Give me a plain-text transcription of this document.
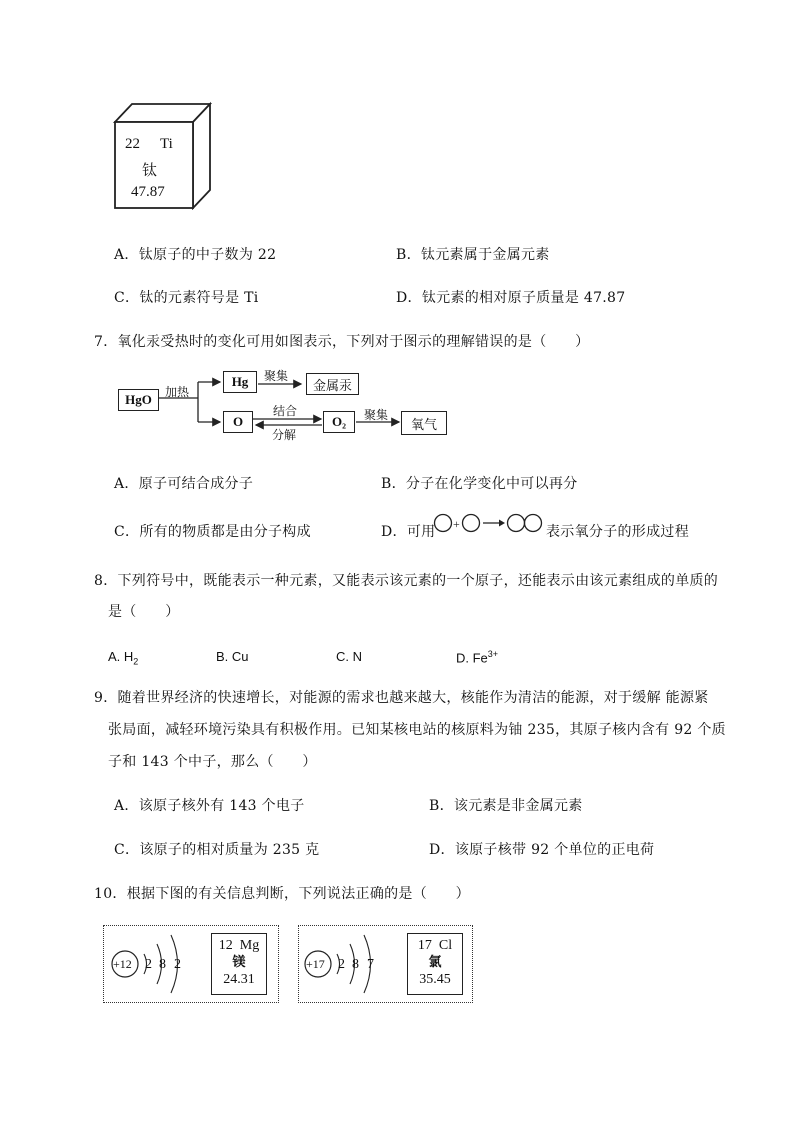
22 Ti
钛
47.87
A．钛原子的中子数为 22	B．钛元素属于金属元素
C．钛的元素符号是 Ti	D．钛元素的相对原子质量是 47.87
7．氧化汞受热时的变化可用如图表示，下列对于图示的理解错误的是（　　）
HgO	加热
Hg	聚集
金属汞
O
结合
分解
O₂	聚集
氧气
A．原子可结合成分子	B．分子在化学变化中可以再分
C．所有的物质都是由分子构成	D．可用 +	表示氧分子的形成过程
8．下列符号中，既能表示一种元素，又能表示该元素的一个原子，还能表示由该元素组成的单质的
是（　　）
A. $H_2$	B. Cu	C. N	D. $Fe^{3+}$
9．随着世界经济的快速增长，对能源的需求也越来越大，核能作为清洁的能源，对于缓解 能源紧
张局面，减轻环境污染具有积极作用。已知某核电站的核原料为铀 235，其原子核内含有 92 个质
子和 143 个中子，那么（　　）
A．该原子核外有 143 个电子	B．该元素是非金属元素
C．该原子的相对质量为 235 克	D．该原子核带 92 个单位的正电荷
10．根据下图的有关信息判断，下列说法正确的是（　　）
+12 2 8 2
12 Mg
镁
24.31
+17 2 8 7
17 Cl
氯
35.45
